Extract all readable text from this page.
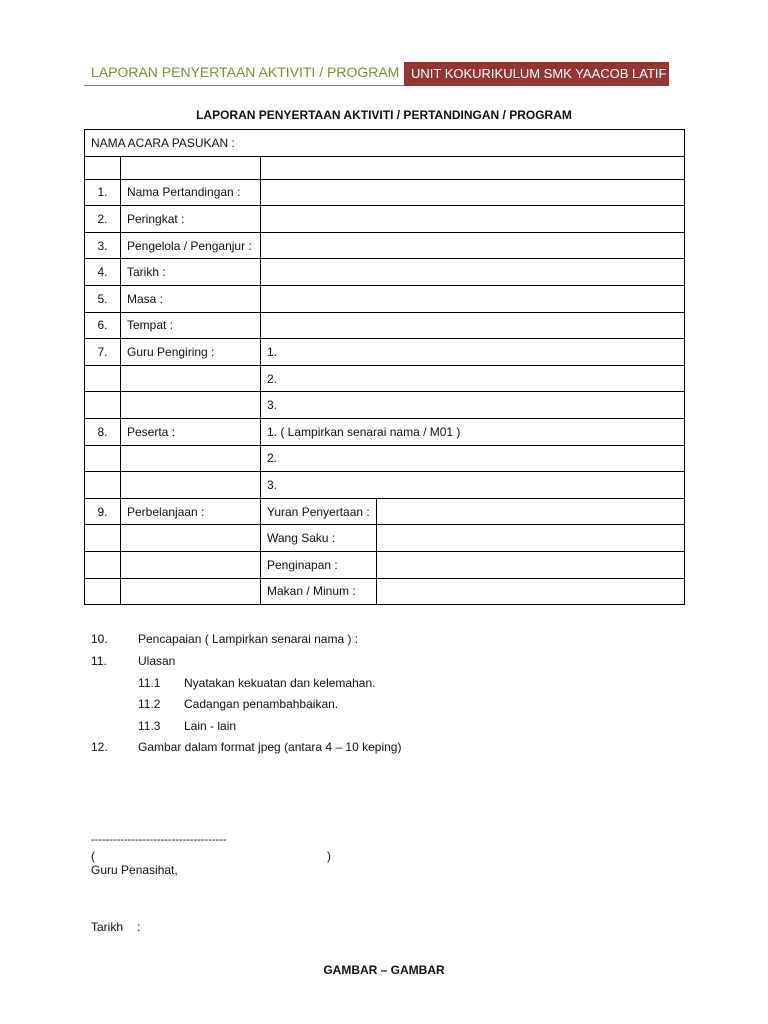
LAPORAN PENYERTAAN AKTIVITI / PROGRAM UNIT KOKURIKULUM SMK YAACOB LATIF
LAPORAN PENYERTAAN AKTIVITI / PERTANDINGAN / PROGRAM
NAMA ACARA PASUKAN :			

1.	Nama Pertandingan :		
2.	Peringkat :		
3.	Pengelola / Penganjur :		
4.	Tarikh :		
5.	Masa :		
6.	Tempat :		
7.	Guru Pengiring :	1.	
		2.	
		3.	
8.	Peserta :	1. ( Lampirkan senarai nama / M01 )	
		2.	
		3.	
9.	Perbelanjaan :	Yuran Penyertaan :	
		Wang Saku :	
		Penginapan :	
		Makan / Minum :	
10.	Pencapaian ( Lampirkan senarai nama ) :
11.	Ulasan
11.1 Nyatakan kekuatan dan kelemahan.
11.2 Cadangan penambahbaikan.
11.3 Lain - lain
12.	Gambar dalam format jpeg (antara 4 – 10 keping)
-------------------------------------
(	)
Guru Penasihat,
Tarikh :
GAMBAR – GAMBAR
